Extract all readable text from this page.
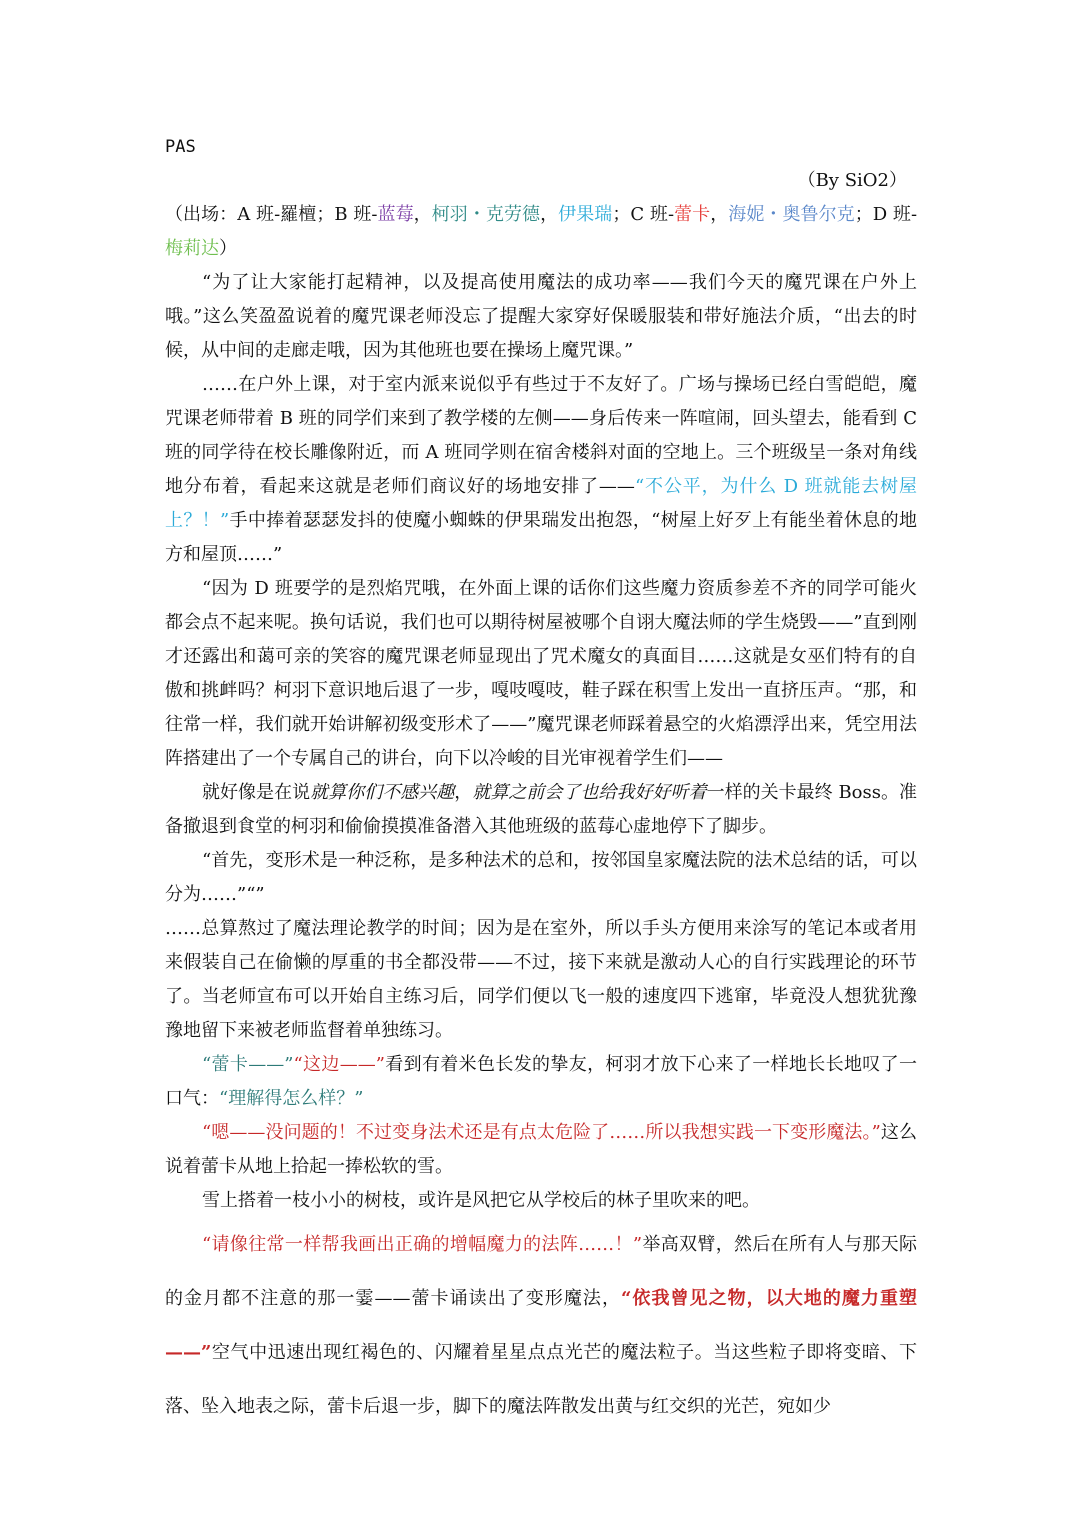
PAS
（By SiO2）
（出场：A 班-羅檀；B 班-蓝莓，柯羽・克劳德，伊果瑞；C 班-蕾卡，海妮・奥鲁尔克；D 班-梅莉达）
“为了让大家能打起精神，以及提高使用魔法的成功率——我们今天的魔咒课在户外上哦。”这么笑盈盈说着的魔咒课老师没忘了提醒大家穿好保暖服装和带好施法介质，“出去的时候，从中间的走廊走哦，因为其他班也要在操场上魔咒课。”
……在户外上课，对于室内派来说似乎有些过于不友好了。广场与操场已经白雪皑皑，魔咒课老师带着 B 班的同学们来到了教学楼的左侧——身后传来一阵喧闹，回头望去，能看到 C 班的同学待在校长雕像附近，而 A 班同学则在宿舍楼斜对面的空地上。三个班级呈一条对角线地分布着，看起来这就是老师们商议好的场地安排了——“不公平，为什么 D 班就能去树屋上？！”手中捧着瑟瑟发抖的使魔小蜘蛛的伊果瑞发出抱怨，“树屋上好歹上有能坐着休息的地方和屋顶……”
“因为 D 班要学的是烈焰咒哦，在外面上课的话你们这些魔力资质参差不齐的同学可能火都会点不起来呢。换句话说，我们也可以期待树屋被哪个自诩大魔法师的学生烧毁——”直到刚才还露出和蔼可亲的笑容的魔咒课老师显现出了咒术魔女的真面目……这就是女巫们特有的自傲和挑衅吗？柯羽下意识地后退了一步，嘎吱嘎吱，鞋子踩在积雪上发出一直挤压声。“那，和往常一样，我们就开始讲解初级变形术了——”魔咒课老师踩着悬空的火焰漂浮出来，凭空用法阵搭建出了一个专属自己的讲台，向下以冷峻的目光审视着学生们——
就好像是在说就算你们不感兴趣，就算之前会了也给我好好听着一样的关卡最终 Boss。准备撤退到食堂的柯羽和偷偷摸摸准备潜入其他班级的蓝莓心虚地停下了脚步。
“首先，变形术是一种泛称，是多种法术的总和，按邻国皇家魔法院的法术总结的话，可以分为……”“”
……总算熬过了魔法理论教学的时间；因为是在室外，所以手头方便用来涂写的笔记本或者用来假装自己在偷懒的厚重的书全都没带——不过，接下来就是激动人心的自行实践理论的环节了。当老师宣布可以开始自主练习后，同学们便以飞一般的速度四下逃窜，毕竟没人想犹犹豫豫地留下来被老师监督着单独练习。
“蕾卡——”“这边——”看到有着米色长发的挚友，柯羽才放下心来了一样地长长地叹了一口气：“理解得怎么样？”
“嗯——没问题的！不过变身法术还是有点太危险了……所以我想实践一下变形魔法。”这么说着蕾卡从地上拾起一捧松软的雪。
雪上搭着一枝小小的树枝，或许是风把它从学校后的林子里吹来的吧。
“请像往常一样帮我画出正确的增幅魔力的法阵……！”举高双臂，然后在所有人与那天际的金月都不注意的那一霎——蕾卡诵读出了变形魔法，“依我曾见之物，以大地的魔力重塑——”空气中迅速出现红褐色的、闪耀着星星点点光芒的魔法粒子。当这些粒子即将变暗、下落、坠入地表之际，蕾卡后退一步，脚下的魔法阵散发出黄与红交织的光芒，宛如少
